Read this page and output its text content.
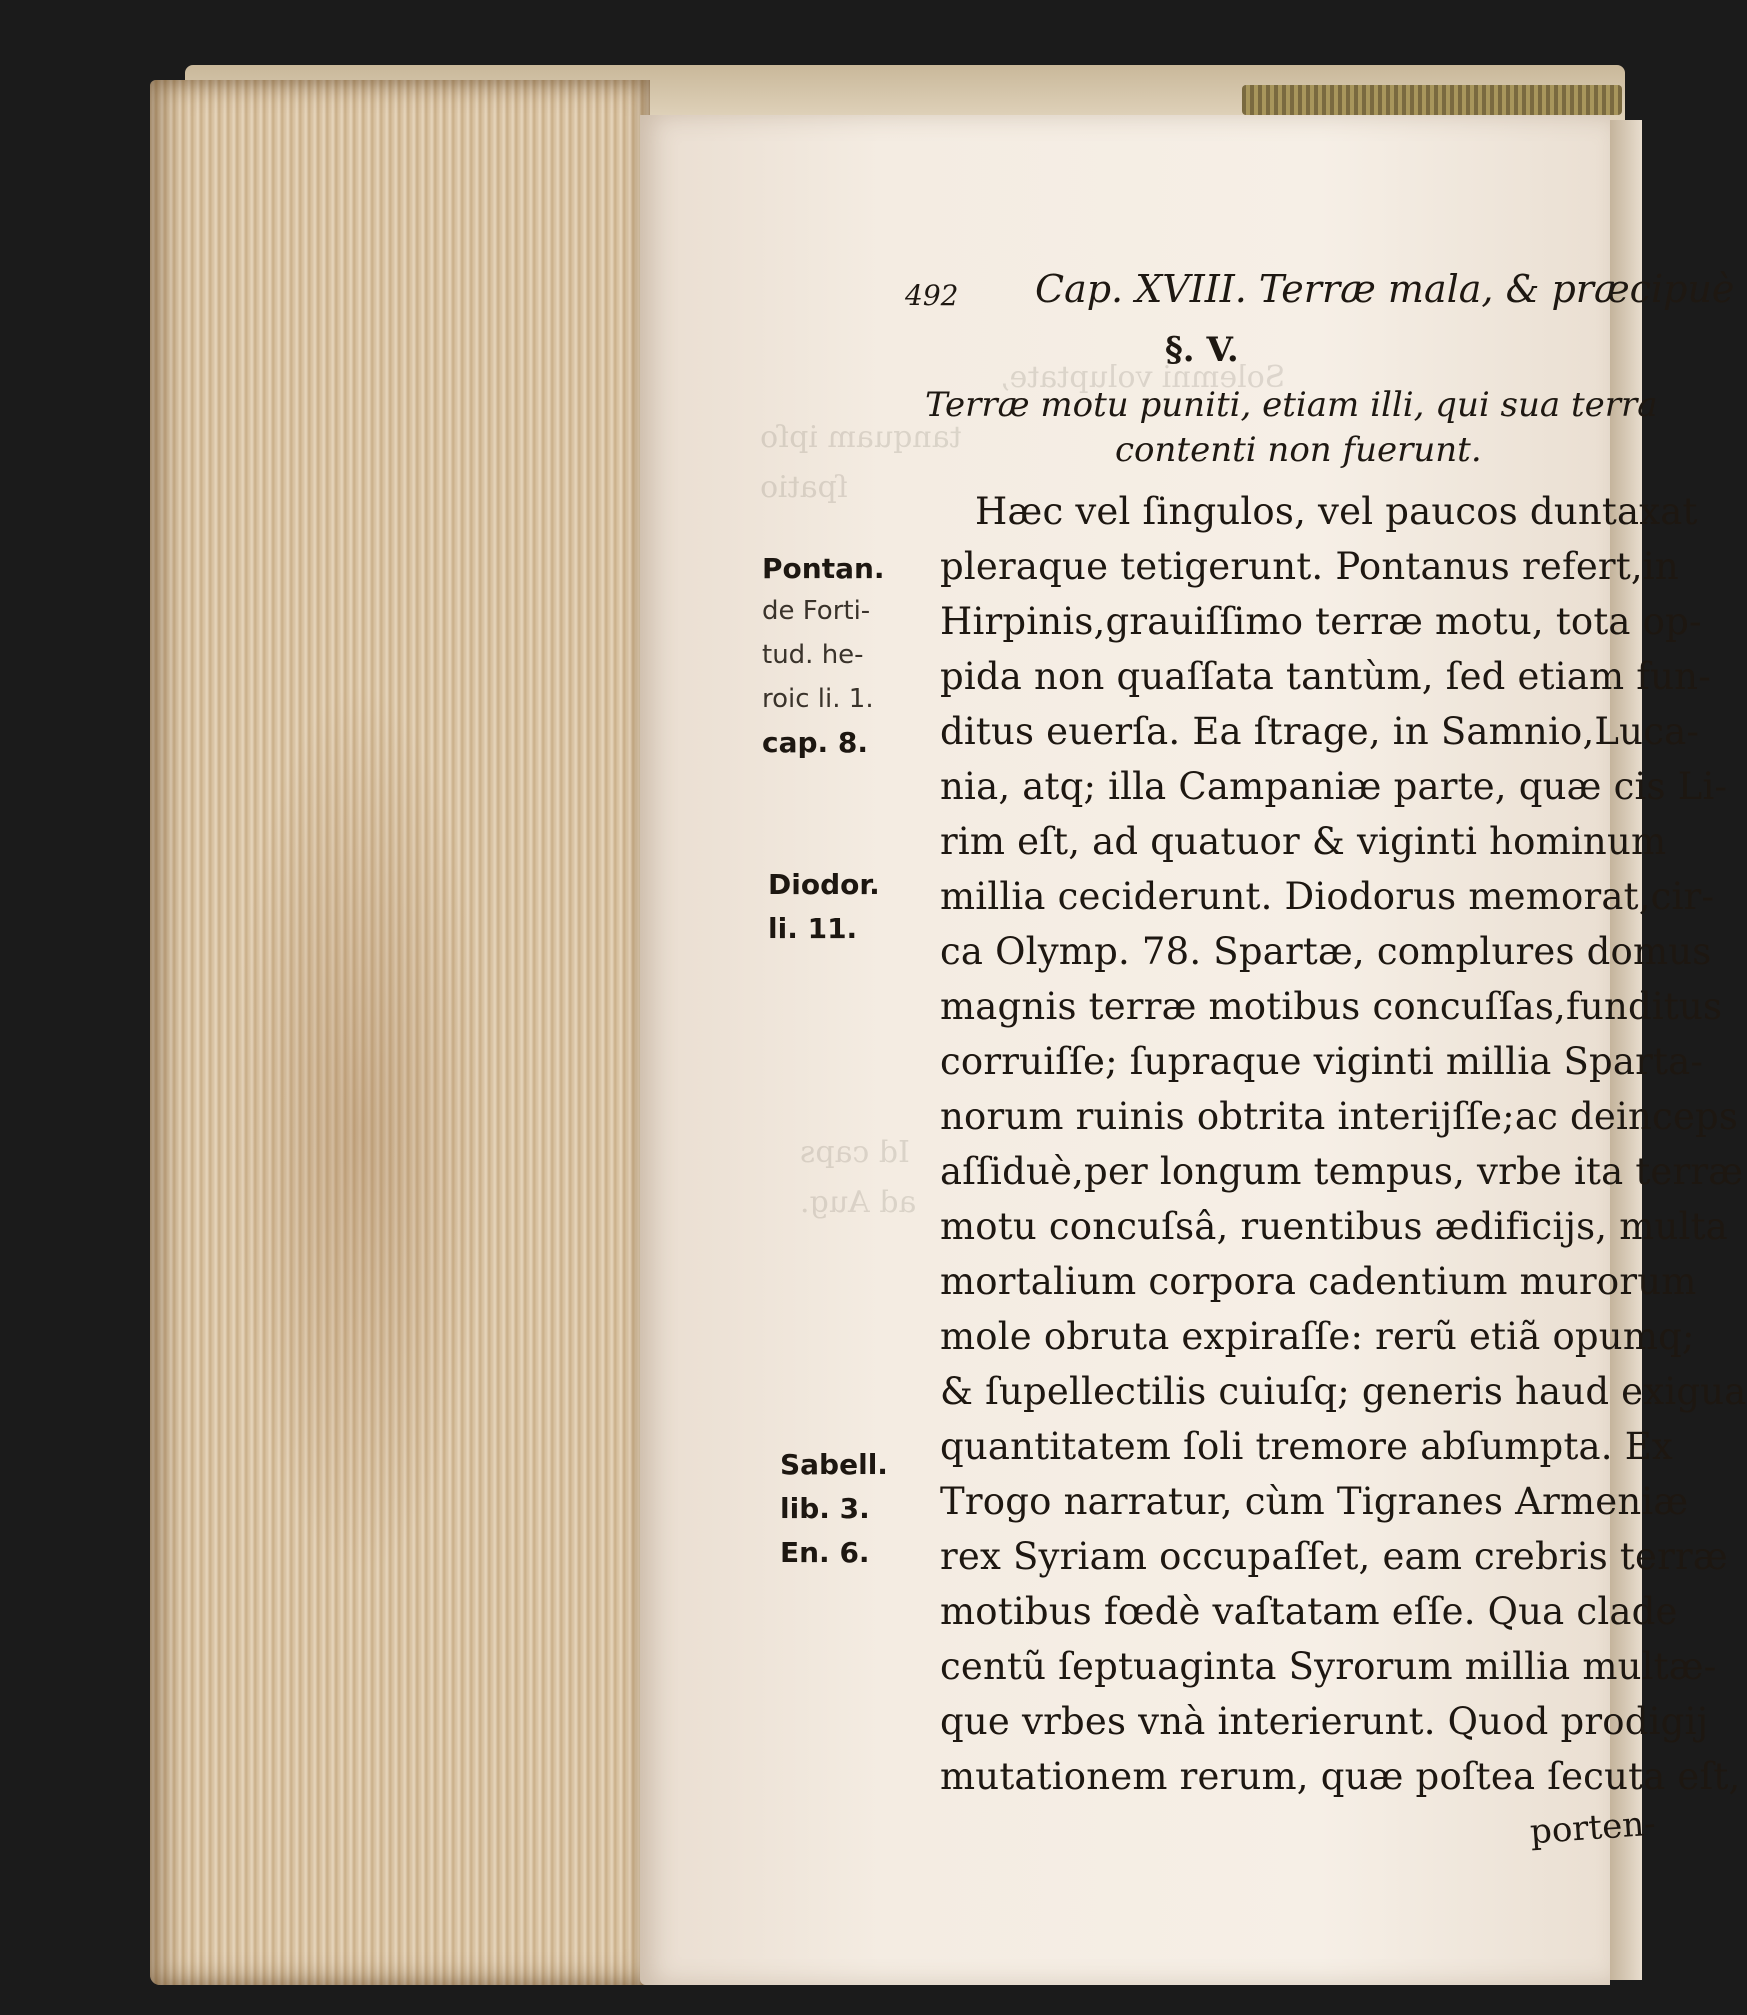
Solemni voluptate,
tanquam ipſo
ſpatio
Id caps
ad Aug.
492 Cap. XVIII. Terræ mala, & præcipuè
§. V.
Terræ motu puniti, etiam illi, qui sua terra
contenti non fuerunt.
Hæc vel ſingulos, vel paucos duntaxat
pleraque tetigerunt. Pontanus refert,in
Hirpinis,grauiſſimo terræ motu, tota op-
pida non quaſſata tantùm, ſed etiam fun-
ditus euerſa. Ea ſtrage, in Samnio,Luca-
nia, atq; illa Campaniæ parte, quæ cis Li-
rim eſt, ad quatuor & viginti hominum
millia ceciderunt. Diodorus memorat,cir-
ca Olymp. 78. Spartæ, complures domus
magnis terræ motibus concuſſas,funditus
corruiſſe; ſupraque viginti millia Sparta-
norum ruinis obtrita interijſſe;ac deinceps
aſſiduè,per longum tempus, vrbe ita terræ
motu concuſsâ, ruentibus ædificijs, multa
mortalium corpora cadentium murorum
mole obruta expiraſſe: rerũ etiã opumq;
& ſupellectilis cuiuſq; generis haud exigua
quantitatem ſoli tremore abſumpta. Ex
Trogo narratur, cùm Tigranes Armeniæ
rex Syriam occupaſſet, eam crebris terræ
motibus fœdè vaſtatam eſſe. Qua clade
centũ ſeptuaginta Syrorum millia multæ-
que vrbes vnà interierunt. Quod prodigij
mutationem rerum, quæ poſtea ſecuta eſt,
porten-
Pontan.
de Forti-
tud. he-
roic li. 1.
cap. 8.
Diodor.
li. 11.
Sabell.
lib. 3.
En. 6.
